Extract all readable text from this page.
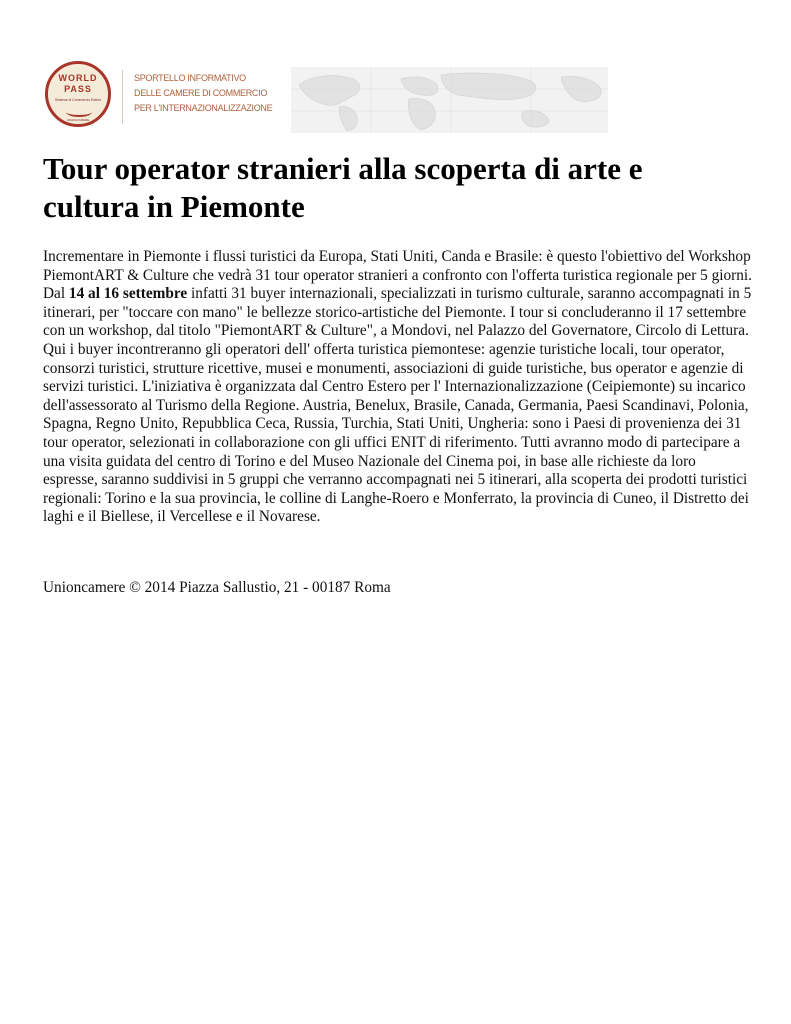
WORLD
PASS
Sistema di Commercio Estero
UNIONCAMERE
SPORTELLO INFORMATIVO
DELLE CAMERE DI COMMERCIO
PER L'INTERNAZIONALIZZAZIONE
Tour operator stranieri alla scoperta di arte e cultura in Piemonte

Incrementare in Piemonte i flussi turistici da Europa, Stati Uniti, Canda e Brasile: è questo l'obiettivo del Workshop PiemontART & Culture che vedrà 31 tour operator stranieri a confronto con l'offerta turistica regionale per 5 giorni. Dal 14 al 16 settembre infatti 31 buyer internazionali, specializzati in turismo culturale, saranno accompagnati in 5 itinerari, per "toccare con mano" le bellezze storico-artistiche del Piemonte. I tour si concluderanno il 17 settembre con un workshop, dal titolo "PiemontART & Culture", a Mondovi, nel Palazzo del Governatore, Circolo di Lettura. Qui i buyer incontreranno gli operatori dell' offerta turistica piemontese: agenzie turistiche locali, tour operator, consorzi turistici, strutture ricettive, musei e monumenti, associazioni di guide turistiche, bus operator e agenzie di servizi turistici. L'iniziativa è organizzata dal Centro Estero per l' Internazionalizzazione (Ceipiemonte) su incarico dell'assessorato al Turismo della Regione. Austria, Benelux, Brasile, Canada, Germania, Paesi Scandinavi, Polonia, Spagna, Regno Unito, Repubblica Ceca, Russia, Turchia, Stati Uniti, Ungheria: sono i Paesi di provenienza dei 31 tour operator, selezionati in collaborazione con gli uffici ENIT di riferimento. Tutti avranno modo di partecipare a una visita guidata del centro di Torino e del Museo Nazionale del Cinema poi, in base alle richieste da loro espresse, saranno suddivisi in 5 gruppi che verranno accompagnati nei 5 itinerari, alla scoperta dei prodotti turistici regionali: Torino e la sua provincia, le colline di Langhe-Roero e Monferrato, la provincia di Cuneo, il Distretto dei laghi e il Biellese, il Vercellese e il Novarese.

Unioncamere © 2014 Piazza Sallustio, 21 - 00187 Roma
